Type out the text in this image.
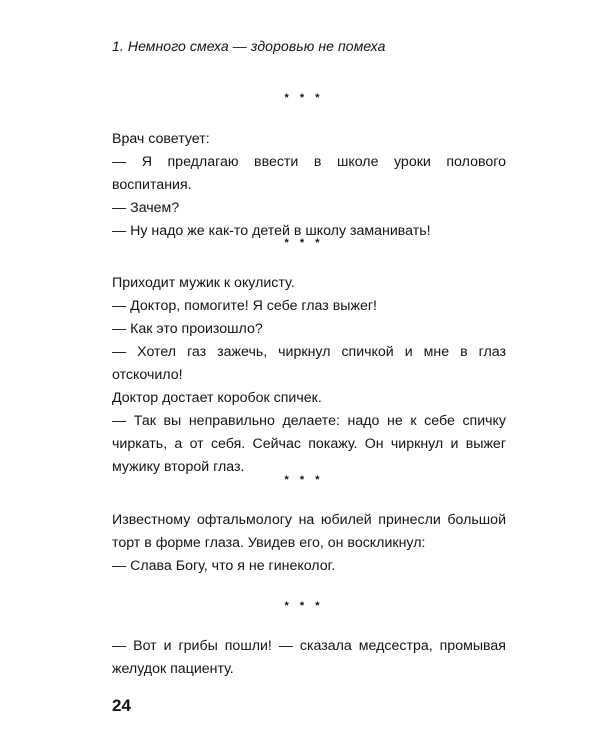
1. Немного смеха — здоровью не помеха
* * *

Врач советует:

— Я предлагаю ввести в школе уроки полового воспитания.

— Зачем?

— Ну надо же как-то детей в школу заманивать!

* * *

Приходит мужик к окулисту.

— Доктор, помогите! Я себе глаз выжег!

— Как это произошло?

— Хотел газ зажечь, чиркнул спичкой и мне в глаз отскочило!

Доктор достает коробок спичек.

— Так вы неправильно делаете: надо не к себе спичку чиркать, а от себя. Сейчас покажу. Он чиркнул и выжег мужику второй глаз.

* * *

Известному офтальмологу на юбилей принесли большой торт в форме глаза. Увидев его, он воскликнул:

— Слава Богу, что я не гинеколог.

* * *

— Вот и грибы пошли! — сказала медсестра, промывая желудок пациенту.

24
